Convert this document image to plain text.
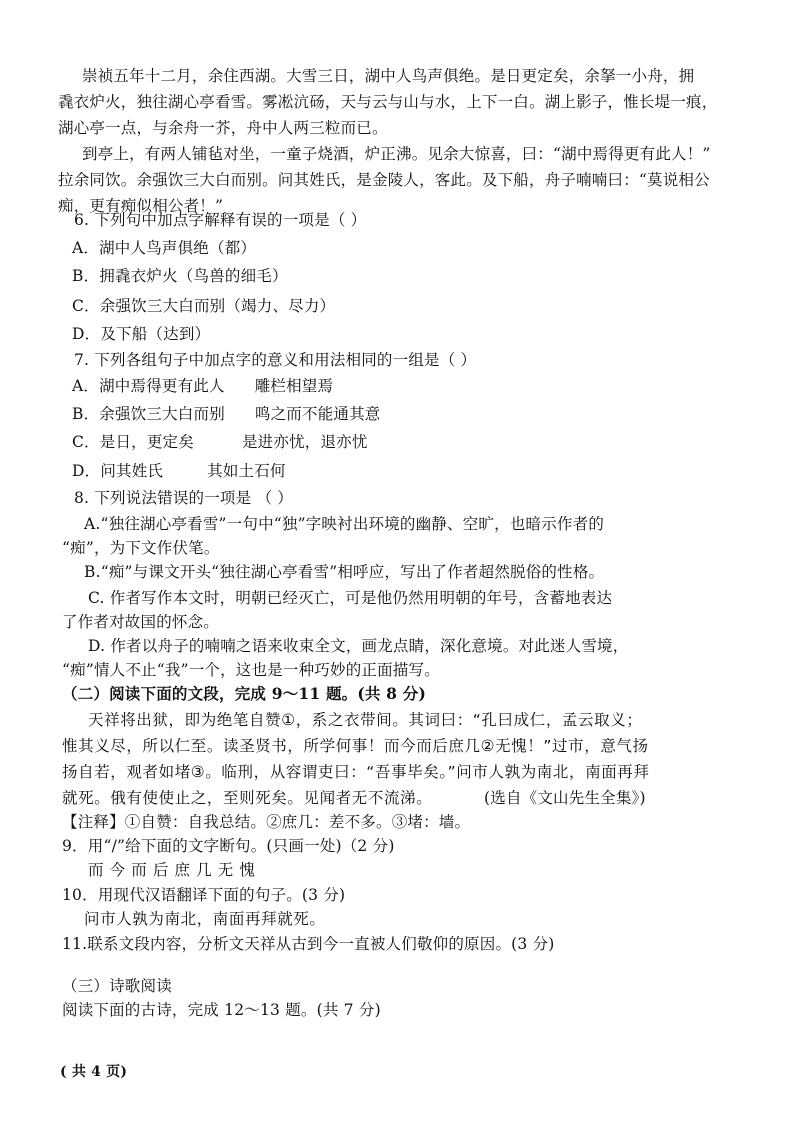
崇祯五年十二月，余住西湖。大雪三日，湖中人鸟声俱绝。是日更定矣，余拏一小舟，拥
毳衣炉火，独往湖心亭看雪。雾凇沆砀，天与云与山与水，上下一白。湖上影子，惟长堤一痕，
湖心亭一点，与余舟一芥，舟中人两三粒而已。
到亭上，有两人铺毡对坐，一童子烧酒，炉正沸。见余大惊喜，曰：“湖中焉得更有此人！”
拉余同饮。余强饮三大白而别。问其姓氏，是金陵人，客此。及下船，舟子喃喃曰：“莫说相公
痴，更有痴似相公者！”
6. 下列句中加点字解释有误的一项是（ ）
A．湖中人鸟声俱绝（都）
B．拥毳衣炉火（鸟兽的细毛）
C．余强饮三大白而别（竭力、尽力）
D．及下船（达到）
7. 下列各组句子中加点字的意义和用法相同的一组是（ ）
A．湖中焉得更有此人 雕栏相望焉
B．余强饮三大白而别 鸣之而不能通其意
C．是日，更定矣	是进亦忧，退亦忧
D．问其姓氏	其如土石何
8. 下列说法错误的一项是 （ ）
A.“独往湖心亭看雪”一句中“独”字映衬出环境的幽静、空旷，也暗示作者的
“痴”，为下文作伏笔。
B.“痴”与课文开头“独往湖心亭看雪”相呼应，写出了作者超然脱俗的性格。
C. 作者写作本文时，明朝已经灭亡，可是他仍然用明朝的年号，含蓄地表达
了作者对故国的怀念。
D. 作者以舟子的喃喃之语来收束全文，画龙点睛，深化意境。对此迷人雪境，
“痴”情人不止“我”一个，这也是一种巧妙的正面描写。
（二）阅读下面的文段，完成 9～11 题。(共 8 分)
天祥将出狱，即为绝笔自赞①，系之衣带间。其词曰：“孔曰成仁，孟云取义；
惟其义尽，所以仁至。读圣贤书，所学何事！而今而后庶几②无愧！”过市，意气扬
扬自若，观者如堵③。临刑，从容谓吏曰：“吾事毕矣。”问市人孰为南北，南面再拜
就死。俄有使使止之，至则死矣。见闻者无不流涕。	(选自《文山先生全集》)
【注释】①自赞：自我总结。②庶几：差不多。③堵：墙。
9．用“/”给下面的文字断句。(只画一处)（2 分)
而 今 而 后 庶 几 无 愧
10．用现代汉语翻译下面的句子。(3 分)
问市人孰为南北，南面再拜就死。
11.联系文段内容，分析文天祥从古到今一直被人们敬仰的原因。(3 分)
（三）诗歌阅读
阅读下面的古诗，完成 12～13 题。(共 7 分)
( 共 4 页)
